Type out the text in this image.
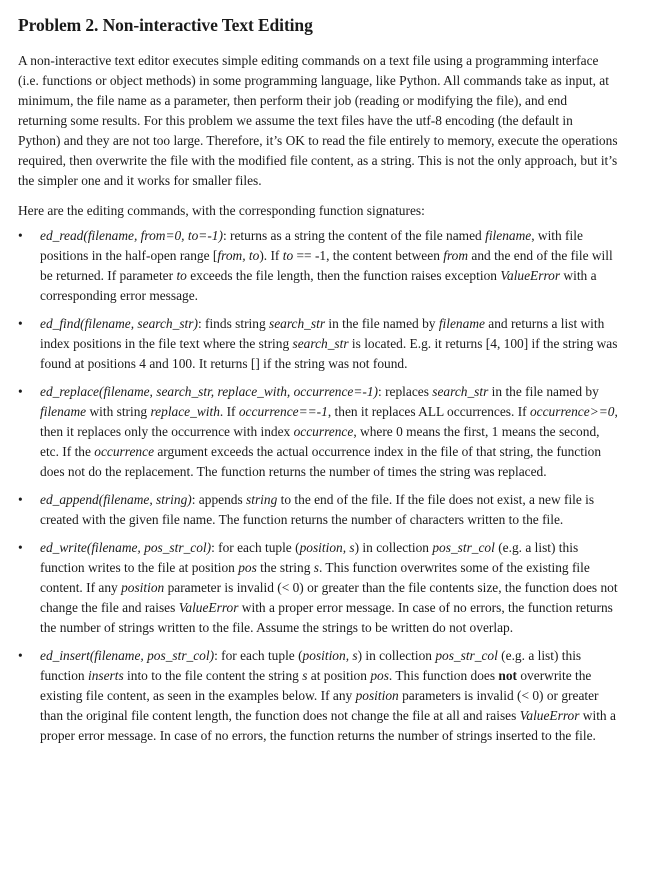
Problem 2. Non-interactive Text Editing

A non-interactive text editor executes simple editing commands on a text file using a programming interface (i.e. functions or object methods) in some programming language, like Python. All commands take as input, at minimum, the file name as a parameter, then perform their job (reading or modifying the file), and end returning some results. For this problem we assume the text files have the utf-8 encoding (the default in Python) and they are not too large. Therefore, it’s OK to read the file entirely to memory, execute the operations required, then overwrite the file with the modified file content, as a string. This is not the only approach, but it’s the simpler one and it works for smaller files.

Here are the editing commands, with the corresponding function signatures:

• ed_read(filename, from=0, to=-1): returns as a string the content of the file named filename, with file positions in the half-open range [from, to). If to == -1, the content between from and the end of the file will be returned. If parameter to exceeds the file length, then the function raises exception ValueError with a corresponding error message.
• ed_find(filename, search_str): finds string search_str in the file named by filename and returns a list with index positions in the file text where the string search_str is located. E.g. it returns [4, 100] if the string was found at positions 4 and 100. It returns [] if the string was not found.
• ed_replace(filename, search_str, replace_with, occurrence=-1): replaces search_str in the file named by filename with string replace_with. If occurrence==-1, then it replaces ALL occurrences. If occurrence>=0, then it replaces only the occurrence with index occurrence, where 0 means the first, 1 means the second, etc. If the occurrence argument exceeds the actual occurrence index in the file of that string, the function does not do the replacement. The function returns the number of times the string was replaced.
• ed_append(filename, string): appends string to the end of the file. If the file does not exist, a new file is created with the given file name. The function returns the number of characters written to the file.
• ed_write(filename, pos_str_col): for each tuple (position, s) in collection pos_str_col (e.g. a list) this function writes to the file at position pos the string s. This function overwrites some of the existing file content. If any position parameter is invalid (< 0) or greater than the file contents size, the function does not change the file and raises ValueError with a proper error message. In case of no errors, the function returns the number of strings written to the file. Assume the strings to be written do not overlap.
• ed_insert(filename, pos_str_col): for each tuple (position, s) in collection pos_str_col (e.g. a list) this function inserts into to the file content the string s at position pos. This function does not overwrite the existing file content, as seen in the examples below. If any position parameters is invalid (< 0) or greater than the original file content length, the function does not change the file at all and raises ValueError with a proper error message. In case of no errors, the function returns the number of strings inserted to the file.
